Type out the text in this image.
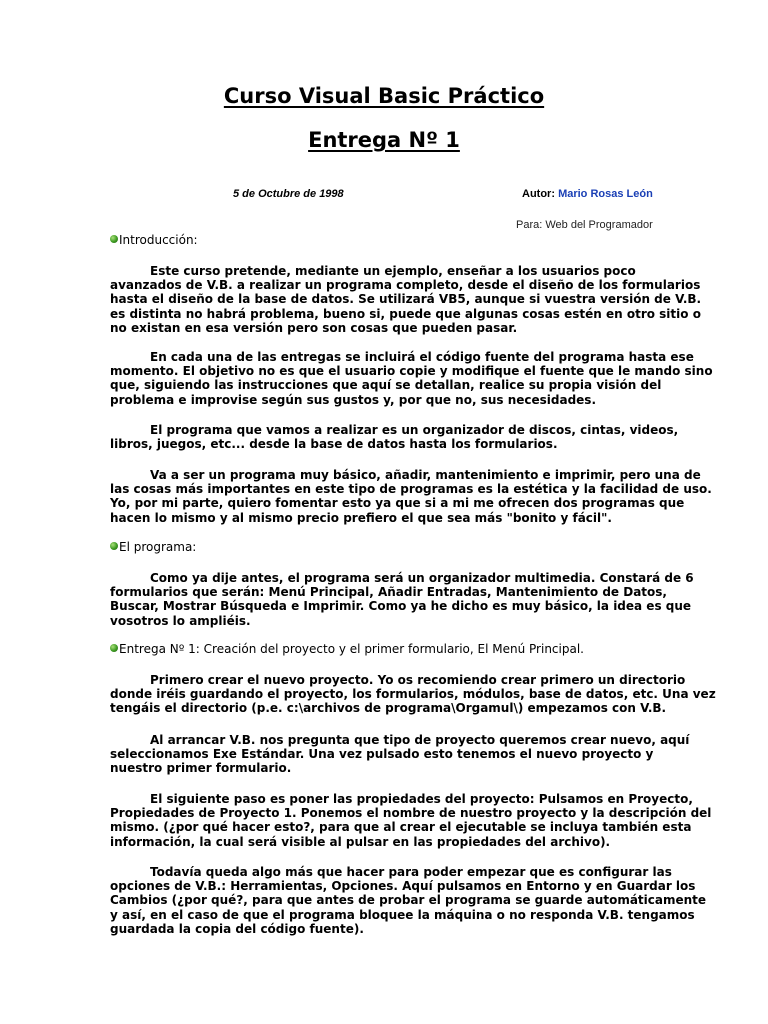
Curso Visual Basic Práctico
Entrega Nº 1
5 de Octubre de 1998	Autor: Mario Rosas León
Para: Web del Programador
Introducción:
Este curso pretende, mediante un ejemplo, enseñar a los usuarios poco
avanzados de V.B. a realizar un programa completo, desde el diseño de los formularios
hasta el diseño de la base de datos. Se utilizará VB5, aunque si vuestra versión de V.B.
es distinta no habrá problema, bueno si, puede que algunas cosas estén en otro sitio o
no existan en esa versión pero son cosas que pueden pasar.
En cada una de las entregas se incluirá el código fuente del programa hasta ese
momento. El objetivo no es que el usuario copie y modifique el fuente que le mando sino
que, siguiendo las instrucciones que aquí se detallan, realice su propia visión del
problema e improvise según sus gustos y, por que no, sus necesidades.
El programa que vamos a realizar es un organizador de discos, cintas, videos,
libros, juegos, etc... desde la base de datos hasta los formularios.
Va a ser un programa muy básico, añadir, mantenimiento e imprimir, pero una de
las cosas más importantes en este tipo de programas es la estética y la facilidad de uso.
Yo, por mi parte, quiero fomentar esto ya que si a mi me ofrecen dos programas que
hacen lo mismo y al mismo precio prefiero el que sea más "bonito y fácil".
El programa:
Como ya dije antes, el programa será un organizador multimedia. Constará de 6
formularios que serán: Menú Principal, Añadir Entradas, Mantenimiento de Datos,
Buscar, Mostrar Búsqueda e Imprimir. Como ya he dicho es muy básico, la idea es que
vosotros lo ampliéis.
Entrega Nº 1: Creación del proyecto y el primer formulario, El Menú Principal.
Primero crear el nuevo proyecto. Yo os recomiendo crear primero un directorio
donde iréis guardando el proyecto, los formularios, módulos, base de datos, etc. Una vez
tengáis el directorio (p.e. c:\archivos de programa\Orgamul\) empezamos con V.B.
Al arrancar V.B. nos pregunta que tipo de proyecto queremos crear nuevo, aquí
seleccionamos Exe Estándar. Una vez pulsado esto tenemos el nuevo proyecto y
nuestro primer formulario.
El siguiente paso es poner las propiedades del proyecto: Pulsamos en Proyecto,
Propiedades de Proyecto 1. Ponemos el nombre de nuestro proyecto y la descripción del
mismo. (¿por qué hacer esto?, para que al crear el ejecutable se incluya también esta
información, la cual será visible al pulsar en las propiedades del archivo).
Todavía queda algo más que hacer para poder empezar que es configurar las
opciones de V.B.: Herramientas, Opciones. Aquí pulsamos en Entorno y en Guardar los
Cambios (¿por qué?, para que antes de probar el programa se guarde automáticamente
y así, en el caso de que el programa bloquee la máquina o no responda V.B. tengamos
guardada la copia del código fuente).
